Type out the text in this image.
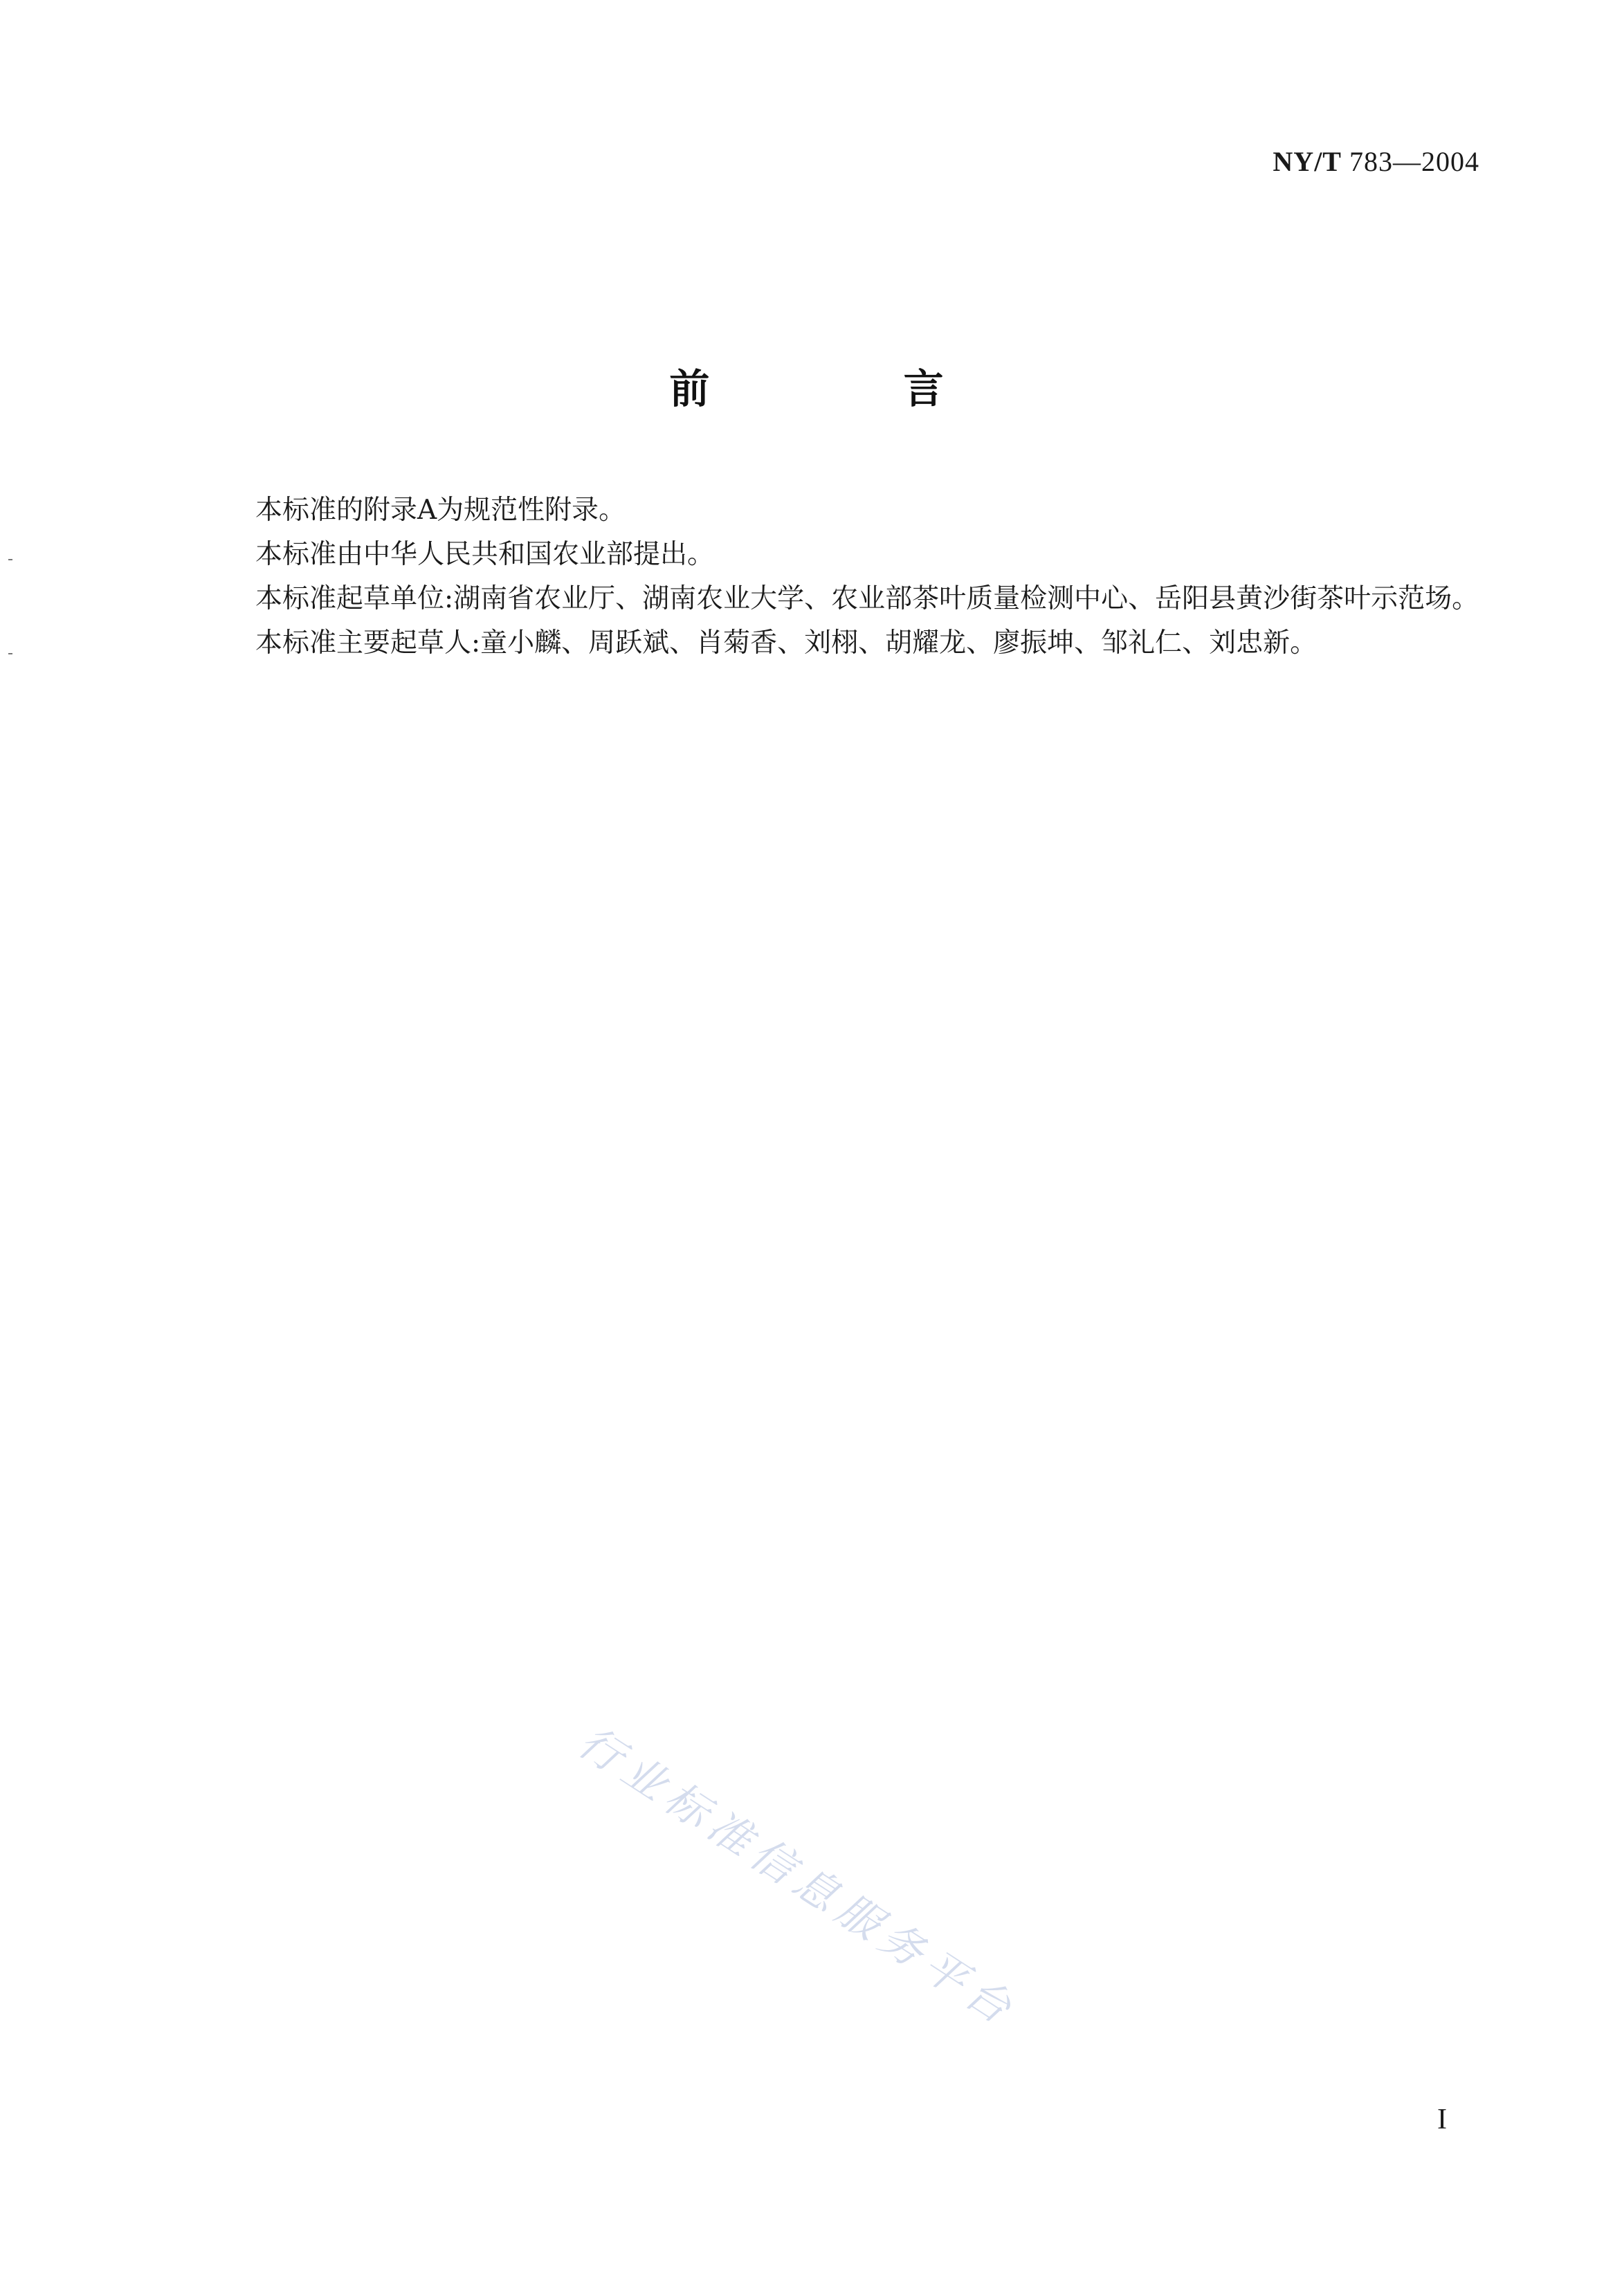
NY/T 783—2004
前 言

本标准的附录A为规范性附录。

本标准由中华人民共和国农业部提出。

本标准起草单位:湖南省农业厅、湖南农业大学、农业部茶叶质量检测中心、岳阳县黄沙街茶叶示范场。

本标准主要起草人:童小麟、周跃斌、肖菊香、刘栩、胡耀龙、廖振坤、邹礼仁、刘忠新。

行业标准信息服务平台
I
